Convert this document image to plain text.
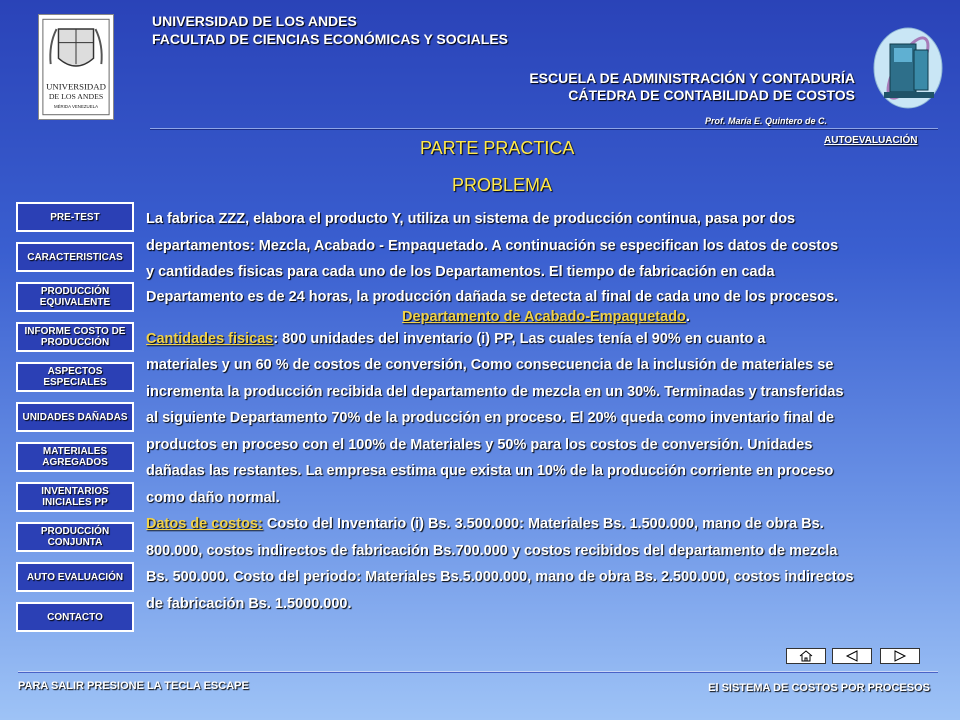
UNIVERSIDAD
DE LOS ANDES
MÉRIDA VENEZUELA
UNIVERSIDAD DE LOS ANDES
FACULTAD DE CIENCIAS ECONÓMICAS Y SOCIALES
ESCUELA DE ADMINISTRACIÓN Y CONTADURÍA
CÁTEDRA DE CONTABILIDAD DE COSTOS
Prof. María E. Quintero de C.
AUTOEVALUACIÓN
PARTE PRACTICA
PROBLEMA
PRE-TEST
CARACTERISTICAS
PRODUCCIÓN EQUIVALENTE
INFORME COSTO DE PRODUCCIÓN
ASPECTOS ESPECIALES
UNIDADES DAÑADAS
MATERIALES AGREGADOS
INVENTARIOS INICIALES PP
PRODUCCIÓN CONJUNTA
AUTO EVALUACIÓN
CONTACTO

La fabrica ZZZ, elabora el producto Y, utiliza un sistema de producción continua, pasa por dos

departamentos: Mezcla, Acabado - Empaquetado. A continuación se especifican los datos de costos

y cantidades fisicas para cada uno de los Departamentos. El tiempo de fabricación en cada

Departamento es de 24 horas, la producción dañada se detecta al final de cada uno de los procesos.

Departamento de Acabado-Empaquetado.

Cantidades fisicas: 800 unidades del inventario (i) PP, Las cuales tenía el 90% en cuanto a

materiales y un 60 % de costos de conversión, Como consecuencia de la inclusión de materiales se

incrementa la producción recibida del departamento de mezcla en un 30%. Terminadas y transferidas

al siguiente Departamento 70% de la producción en proceso. El 20% queda como inventario final de

productos en proceso con el 100% de Materiales y 50% para los costos de conversión. Unidades

dañadas las restantes. La empresa estima que exista un 10% de la producción corriente en proceso

como daño normal.

Datos de costos: Costo del Inventario (i) Bs. 3.500.000: Materiales Bs. 1.500.000, mano de obra Bs.

800.000, costos indirectos de fabricación Bs.700.000 y costos recibidos del departamento de mezcla

Bs. 500.000. Costo del periodo: Materiales Bs.5.000.000, mano de obra Bs. 2.500.000, costos indirectos

de fabricación Bs. 1.5000.000.

PARA SALIR PRESIONE LA TECLA ESCAPE	El SISTEMA DE COSTOS POR PROCESOS
